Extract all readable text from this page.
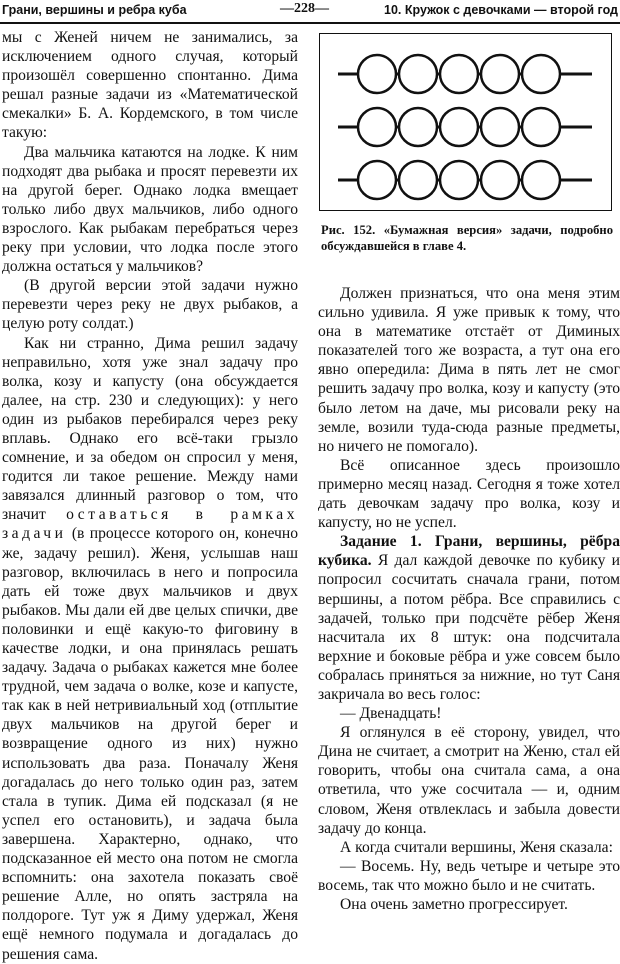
Грани, вершины и ребра куба	—228—	10. Кружок с девочками — второй год

мы с Женей ничем не занимались, за исключением одного случая, который произошёл совершенно спонтанно. Дима решал разные задачи из «Математической смекалки» Б. А. Кордемского, в том числе такую:

Два мальчика катаются на лодке. К ним подходят два рыбака и просят перевезти их на другой берег. Однако лодка вмещает только либо двух мальчиков, либо одного взрослого. Как рыбакам перебраться через реку при условии, что лодка после этого должна остаться у мальчиков?

(В другой версии этой задачи нужно перевезти через реку не двух рыбаков, а целую роту солдат.)

Как ни странно, Дима решил задачу неправильно, хотя уже знал задачу про волка, козу и капусту (она обсуждается далее, на стр. 230 и следующих): у него один из рыбаков перебирался через реку вплавь. Однако его всё-таки грызло сомнение, и за обедом он спросил у меня, годится ли такое решение. Между нами завязался длинный разговор о том, что значит оставаться в рамках задачи (в процессе которого он, конечно же, задачу решил). Женя, услышав наш разговор, включилась в него и попросила дать ей тоже двух мальчиков и двух рыбаков. Мы дали ей две целых спички, две половинки и ещё какую-то фиговину в качестве лодки, и она принялась решать задачу. Задача о рыбаках кажется мне более трудной, чем задача о волке, козе и капусте, так как в ней нетривиальный ход (отплытие двух мальчиков на другой берег и возвращение одного из них) нужно использовать два раза. Поначалу Женя догадалась до него только один раз, затем стала в тупик. Дима ей подсказал (я не успел его остановить), и задача была завершена. Характерно, однако, что подсказанное ей место она потом не смогла вспомнить: она захотела показать своё решение Алле, но опять застряла на полдороге. Тут уж я Диму удержал, Женя ещё немного подумала и догадалась до решения сама.

Рис. 152. «Бумажная версия» задачи, подробно обсуждавшейся в главе 4.

Должен признаться, что она меня этим сильно удивила. Я уже привык к тому, что она в математике отстаёт от Диминых показателей того же возраста, а тут она его явно опередила: Дима в пять лет не смог решить задачу про волка, козу и капусту (это было летом на даче, мы рисовали реку на земле, возили туда-сюда разные предметы, но ничего не помогало).

Всё описанное здесь произошло примерно месяц назад. Сегодня я тоже хотел дать девочкам задачу про волка, козу и капусту, но не успел.

Задание 1. Грани, вершины, рёбра кубика. Я дал каждой девочке по кубику и попросил сосчитать сначала грани, потом вершины, а потом рёбра. Все справились с задачей, только при подсчёте рёбер Женя насчитала их 8 штук: она подсчитала верхние и боковые рёбра и уже совсем было собралась приняться за нижние, но тут Саня закричала во весь голос:

— Двенадцать!

Я оглянулся в её сторону, увидел, что Дина не считает, а смотрит на Женю, стал ей говорить, чтобы она считала сама, а она ответила, что уже сосчитала — и, одним словом, Женя отвлеклась и забыла довести задачу до конца.

А когда считали вершины, Женя сказала:

— Восемь. Ну, ведь четыре и четыре это восемь, так что можно было и не считать.

Она очень заметно прогрессирует.
